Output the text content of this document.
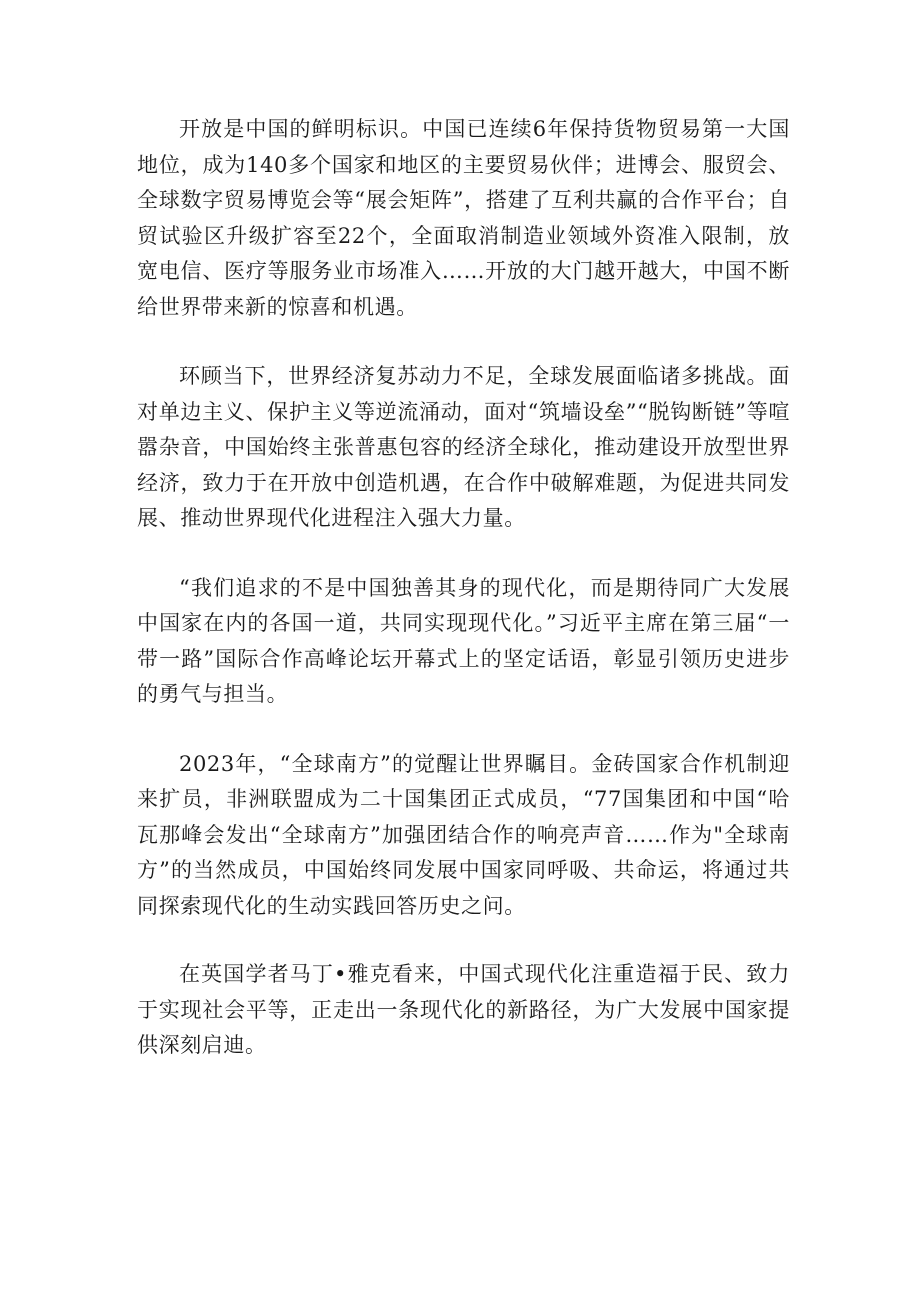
开放是中国的鲜明标识。中国已连续6年保持货物贸易第一大国地位，成为140多个国家和地区的主要贸易伙伴；进博会、服贸会、全球数字贸易博览会等“展会矩阵”，搭建了互利共赢的合作平台；自贸试验区升级扩容至22个，全面取消制造业领域外资准入限制，放宽电信、医疗等服务业市场准入……开放的大门越开越大，中国不断给世界带来新的惊喜和机遇。

环顾当下，世界经济复苏动力不足，全球发展面临诸多挑战。面对单边主义、保护主义等逆流涌动，面对“筑墙设垒”“脱钩断链”等喧嚣杂音，中国始终主张普惠包容的经济全球化，推动建设开放型世界经济，致力于在开放中创造机遇，在合作中破解难题，为促进共同发展、推动世界现代化进程注入强大力量。

“我们追求的不是中国独善其身的现代化，而是期待同广大发展中国家在内的各国一道，共同实现现代化。”习近平主席在第三届“一带一路”国际合作高峰论坛开幕式上的坚定话语，彰显引领历史进步的勇气与担当。

2023年，“全球南方”的觉醒让世界瞩目。金砖国家合作机制迎来扩员，非洲联盟成为二十国集团正式成员，“77国集团和中国“哈瓦那峰会发出“全球南方”加强团结合作的响亮声音……作为"全球南方”的当然成员，中国始终同发展中国家同呼吸、共命运，将通过共同探索现代化的生动实践回答历史之问。

在英国学者马丁•雅克看来，中国式现代化注重造福于民、致力于实现社会平等，正走出一条现代化的新路径，为广大发展中国家提供深刻启迪。
